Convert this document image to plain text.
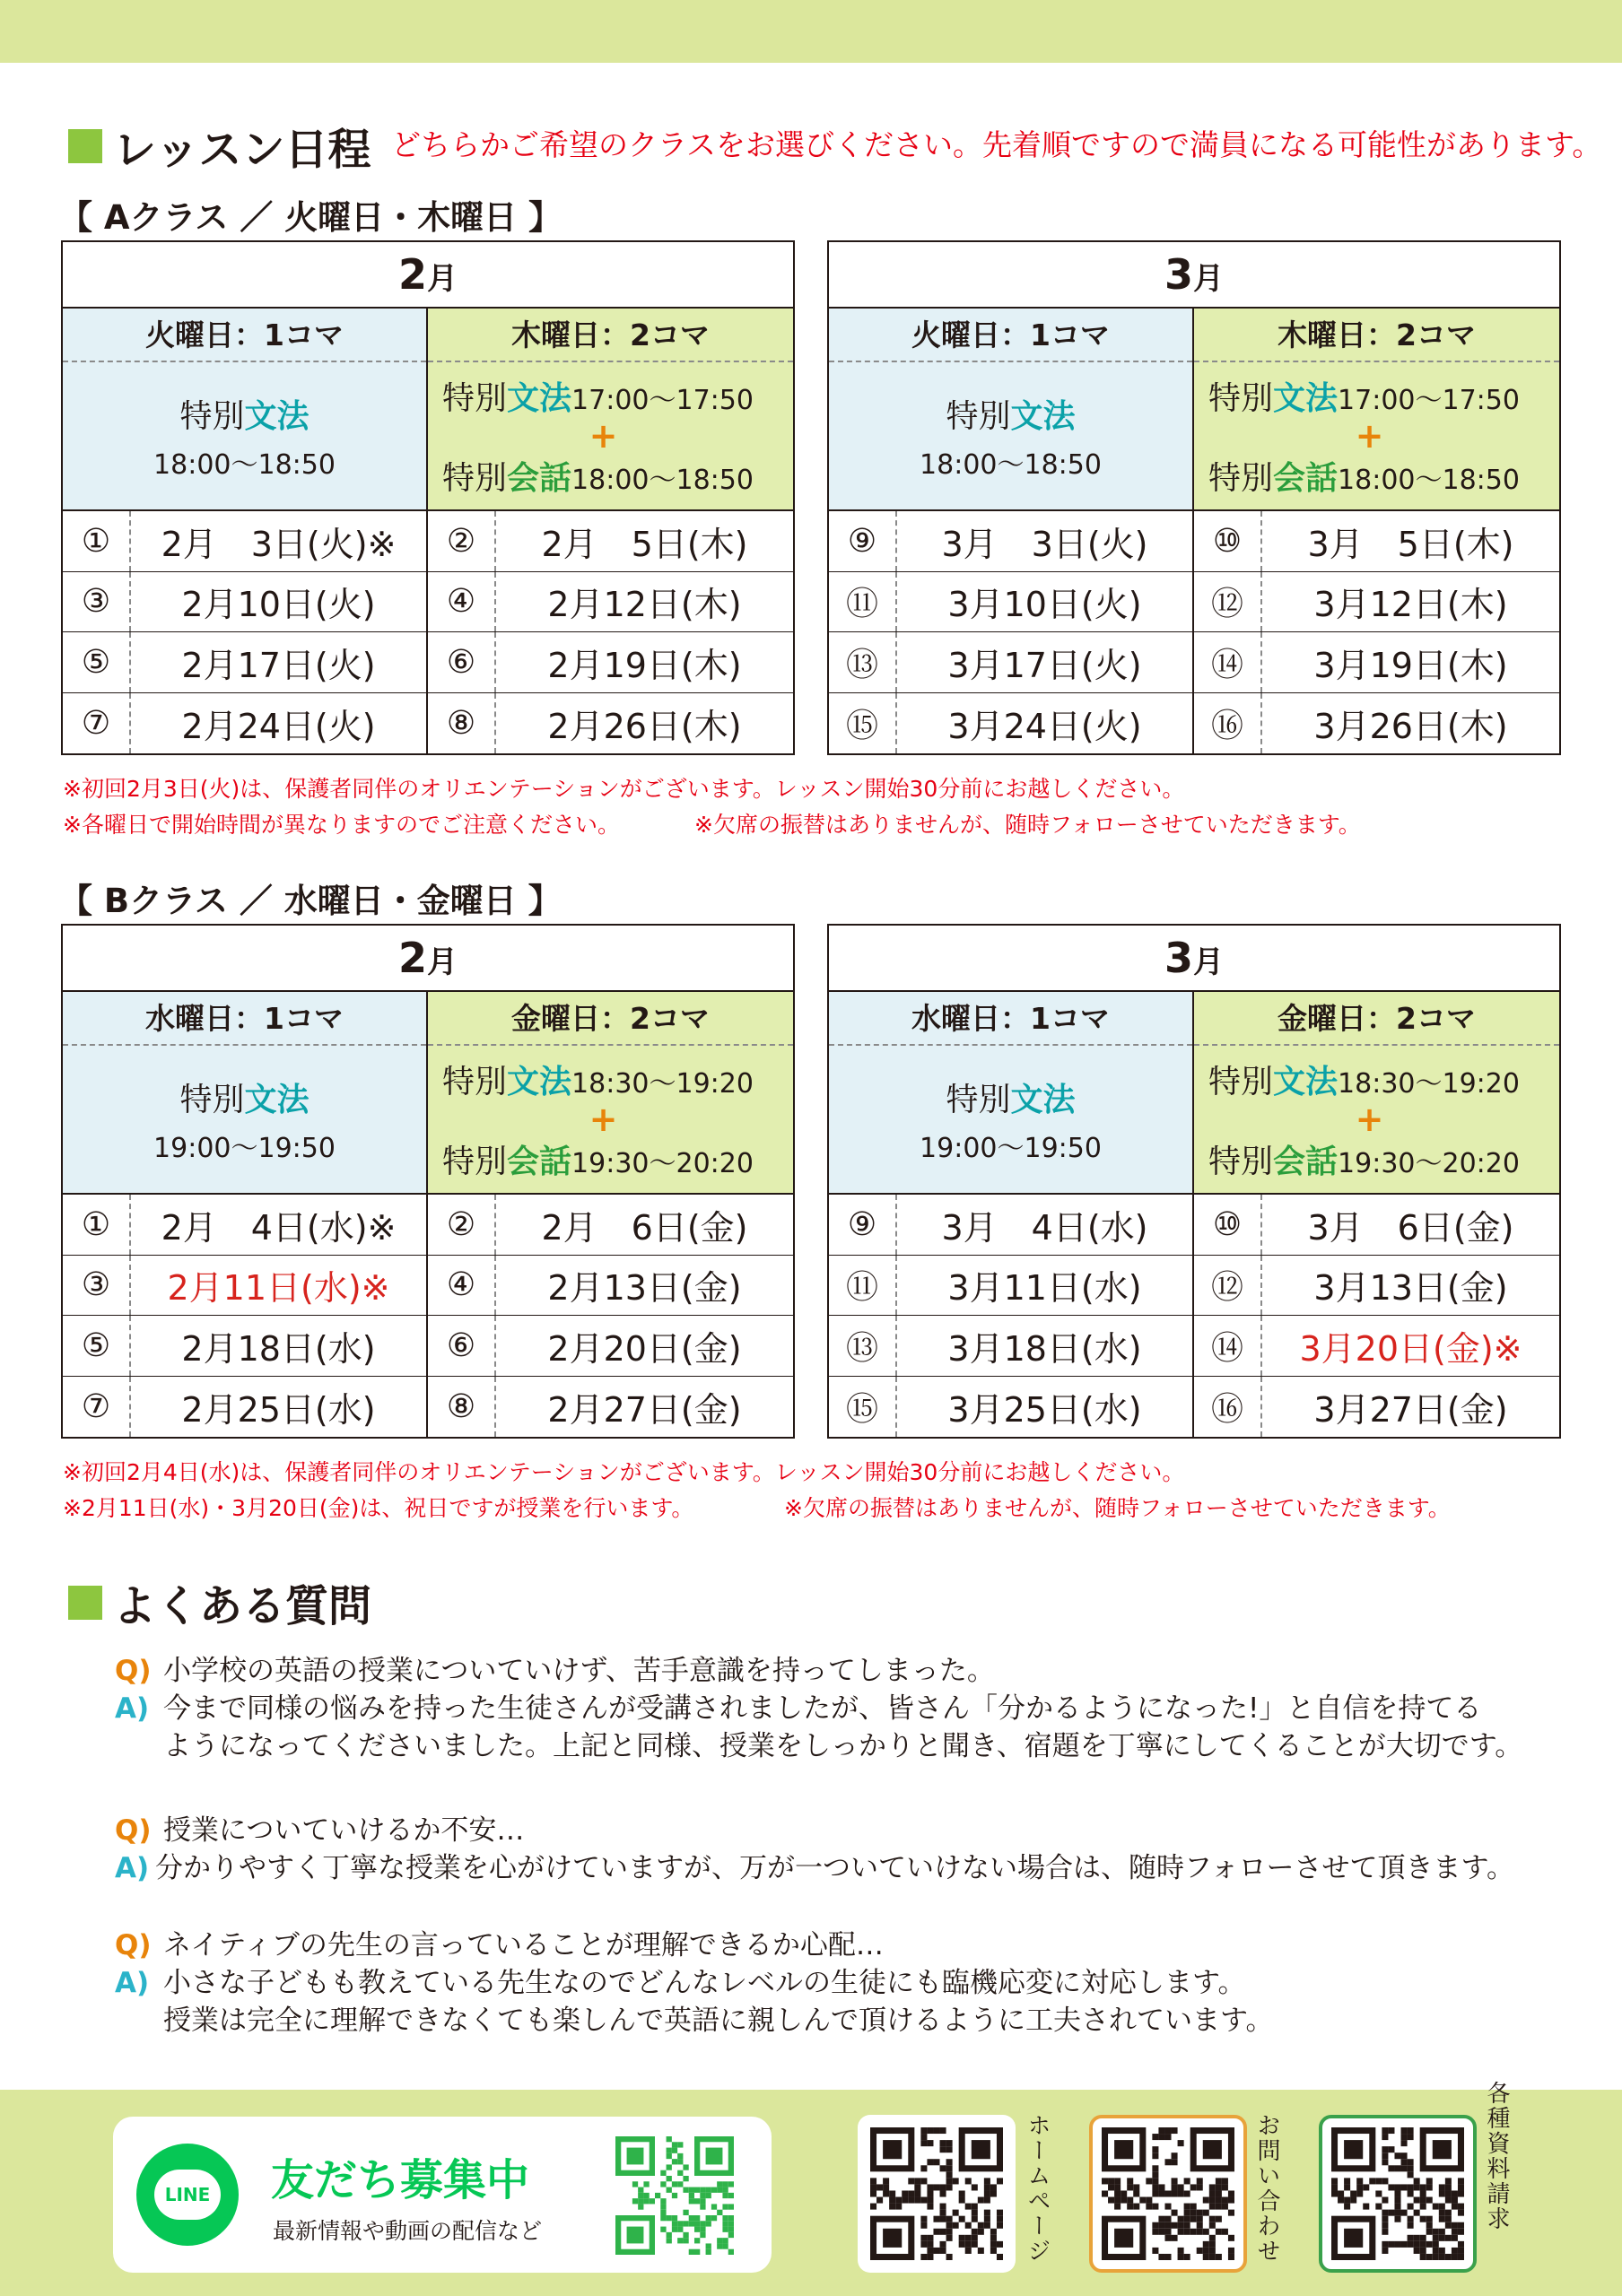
レッスン日程 どちらかご希望のクラスをお選びください。先着順ですので満員になる可能性があります。
【 Aクラス ／ 火曜日・木曜日 】
2月
火曜日：1コマ
特別文法
18:00〜18:50
木曜日：2コマ
特別文法17:00〜17:50
+
特別会話18:00〜18:50
①	2月　3日(火)※	②	2月　5日(木)
③	2月10日(火)	④	2月12日(木)
⑤	2月17日(火)	⑥	2月19日(木)
⑦	2月24日(火)	⑧	2月26日(木)
3月
火曜日：1コマ
特別文法
18:00〜18:50
木曜日：2コマ
特別文法17:00〜17:50
+
特別会話18:00〜18:50
⑨	3月　3日(火)	⑩	3月　5日(木)
⑪	3月10日(火)	⑫	3月12日(木)
⑬	3月17日(火)	⑭	3月19日(木)
⑮	3月24日(火)	⑯	3月26日(木)
2月
水曜日：1コマ
特別文法
19:00〜19:50
金曜日：2コマ
特別文法18:30〜19:20
+
特別会話19:30〜20:20
①	2月　4日(水)※	②	2月　6日(金)
③	2月11日(水)※	④	2月13日(金)
⑤	2月18日(水)	⑥	2月20日(金)
⑦	2月25日(水)	⑧	2月27日(金)
3月
水曜日：1コマ
特別文法
19:00〜19:50
金曜日：2コマ
特別文法18:30〜19:20
+
特別会話19:30〜20:20
⑨	3月　4日(水)	⑩	3月　6日(金)
⑪	3月11日(水)	⑫	3月13日(金)
⑬	3月18日(水)	⑭	3月20日(金)※
⑮	3月25日(水)	⑯	3月27日(金)
※初回2月3日(火)は、保護者同伴のオリエンテーションがございます。レッスン開始30分前にお越しください。
※各曜日で開始時間が異なりますのでご注意ください。	※欠席の振替はありませんが、随時フォローさせていただきます。
【 Bクラス ／ 水曜日・金曜日 】
※初回2月4日(水)は、保護者同伴のオリエンテーションがございます。レッスン開始30分前にお越しください。
※2月11日(水)・3月20日(金)は、祝日ですが授業を行います。	※欠席の振替はありませんが、随時フォローさせていただきます。
よくある質問
Q) 小学校の英語の授業についていけず、苦手意識を持ってしまった。
A) 今まで同様の悩みを持った生徒さんが受講されましたが、皆さん「分かるようになった!」と自信を持てる
ようになってくださいました。上記と同様、授業をしっかりと聞き、宿題を丁寧にしてくることが大切です。
Q) 授業についていけるか不安…
A) 分かりやすく丁寧な授業を心がけていますが、万が一ついていけない場合は、随時フォローさせて頂きます。
Q) ネイティブの先生の言っていることが理解できるか心配…
A) 小さな子どもも教えている先生なのでどんなレベルの生徒にも臨機応変に対応します。
授業は完全に理解できなくても楽しんで英語に親しんで頂けるように工夫されています。
LINE 友だち募集中
最新情報や動画の配信など	ホームページ	お問い合わせ	各種資料請求
